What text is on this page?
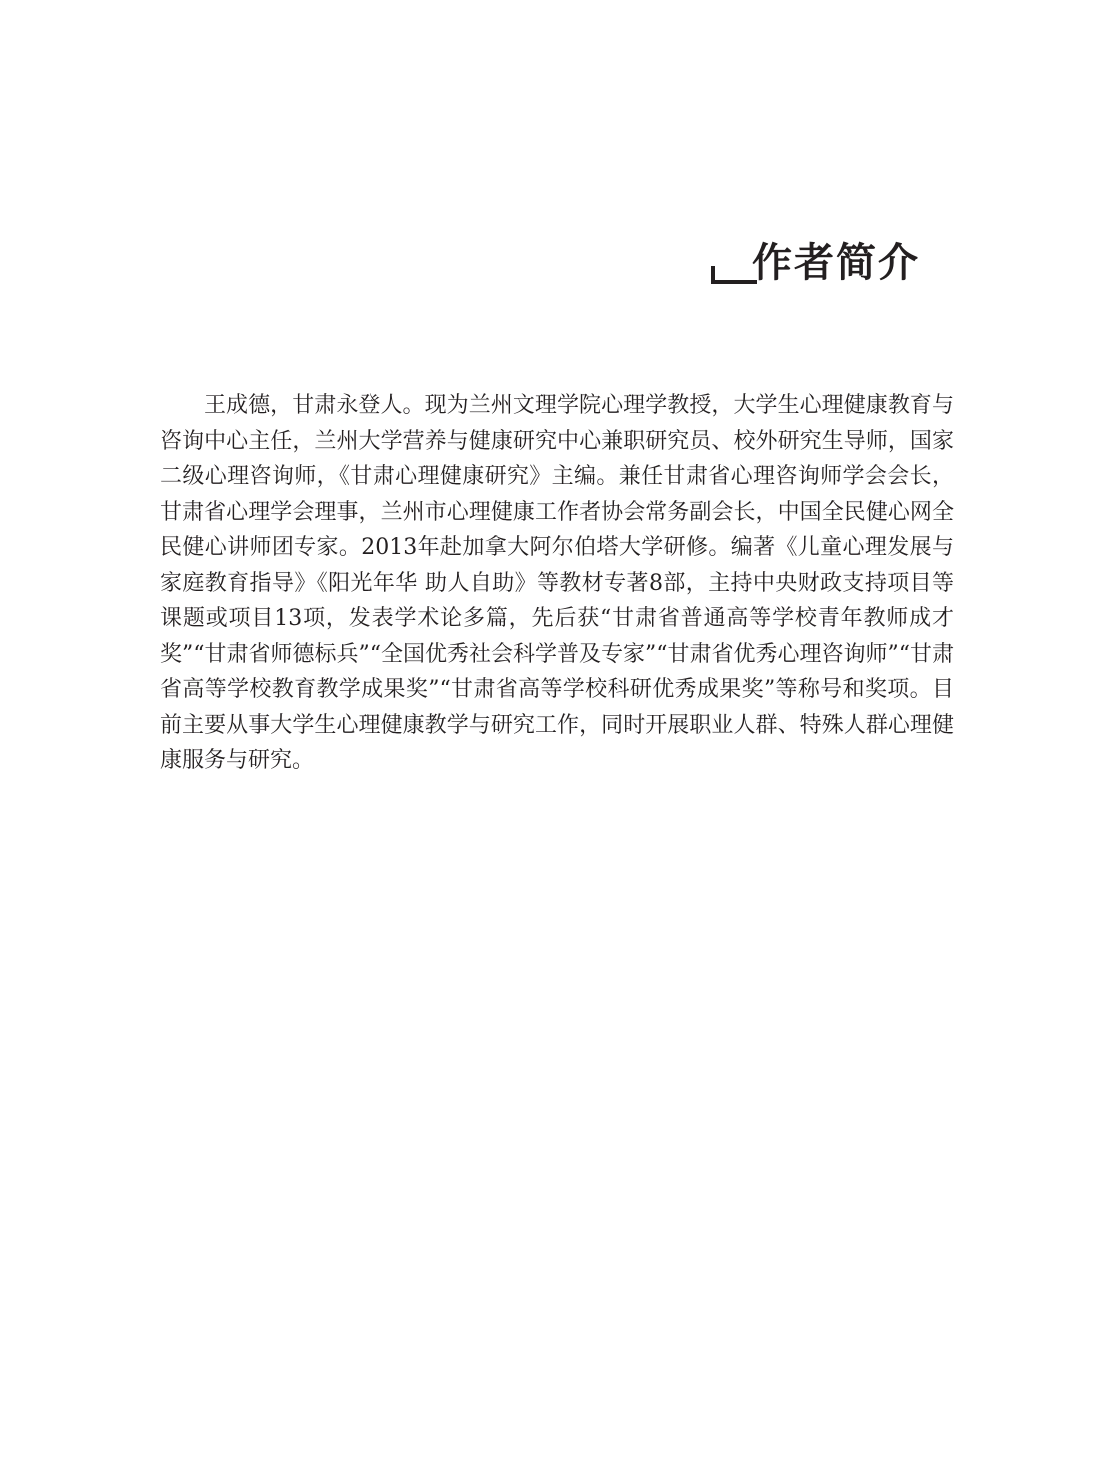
作者简介

王成德，甘肃永登人。现为兰州文理学院心理学教授，大学生心理健康教育与咨询中心主任，兰州大学营养与健康研究中心兼职研究员、校外研究生导师，国家二级心理咨询师，《甘肃心理健康研究》主编。兼任甘肃省心理咨询师学会会长，甘肃省心理学会理事，兰州市心理健康工作者协会常务副会长，中国全民健心网全民健心讲师团专家。2013年赴加拿大阿尔伯塔大学研修。编著《儿童心理发展与家庭教育指导》《阳光年华 助人自助》等教材专著8部，主持中央财政支持项目等课题或项目13项，发表学术论多篇，先后获“甘肃省普通高等学校青年教师成才奖”“甘肃省师德标兵”“全国优秀社会科学普及专家”“甘肃省优秀心理咨询师”“甘肃省高等学校教育教学成果奖”“甘肃省高等学校科研优秀成果奖”等称号和奖项。目前主要从事大学生心理健康教学与研究工作，同时开展职业人群、特殊人群心理健康服务与研究。
